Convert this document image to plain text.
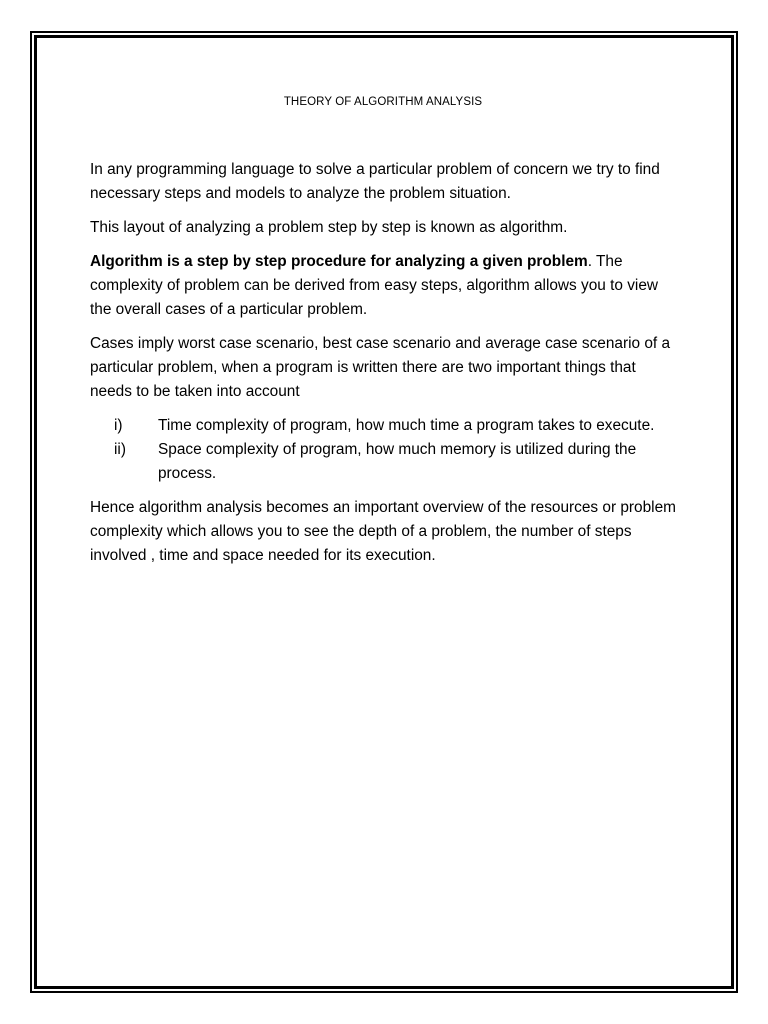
THEORY OF ALGORITHM ANALYSIS

In any programming language to solve a particular problem of concern we try to find necessary steps and models to analyze the problem situation.

This layout of analyzing a problem step by step is known as algorithm.

Algorithm is a step by step procedure for analyzing a given problem. The complexity of problem can be derived from easy steps, algorithm allows you to view the overall cases of a particular problem.

Cases imply worst case scenario, best case scenario and average case scenario of a particular problem, when a program is written there are two important things that needs to be taken into account

i)	Time complexity of program, how much time a program takes to execute.
ii)	Space complexity of program, how much memory is utilized during the process.

Hence algorithm analysis becomes an important overview of the resources or problem complexity which allows you to see the depth of a problem, the number of steps involved , time and space needed for its execution.
